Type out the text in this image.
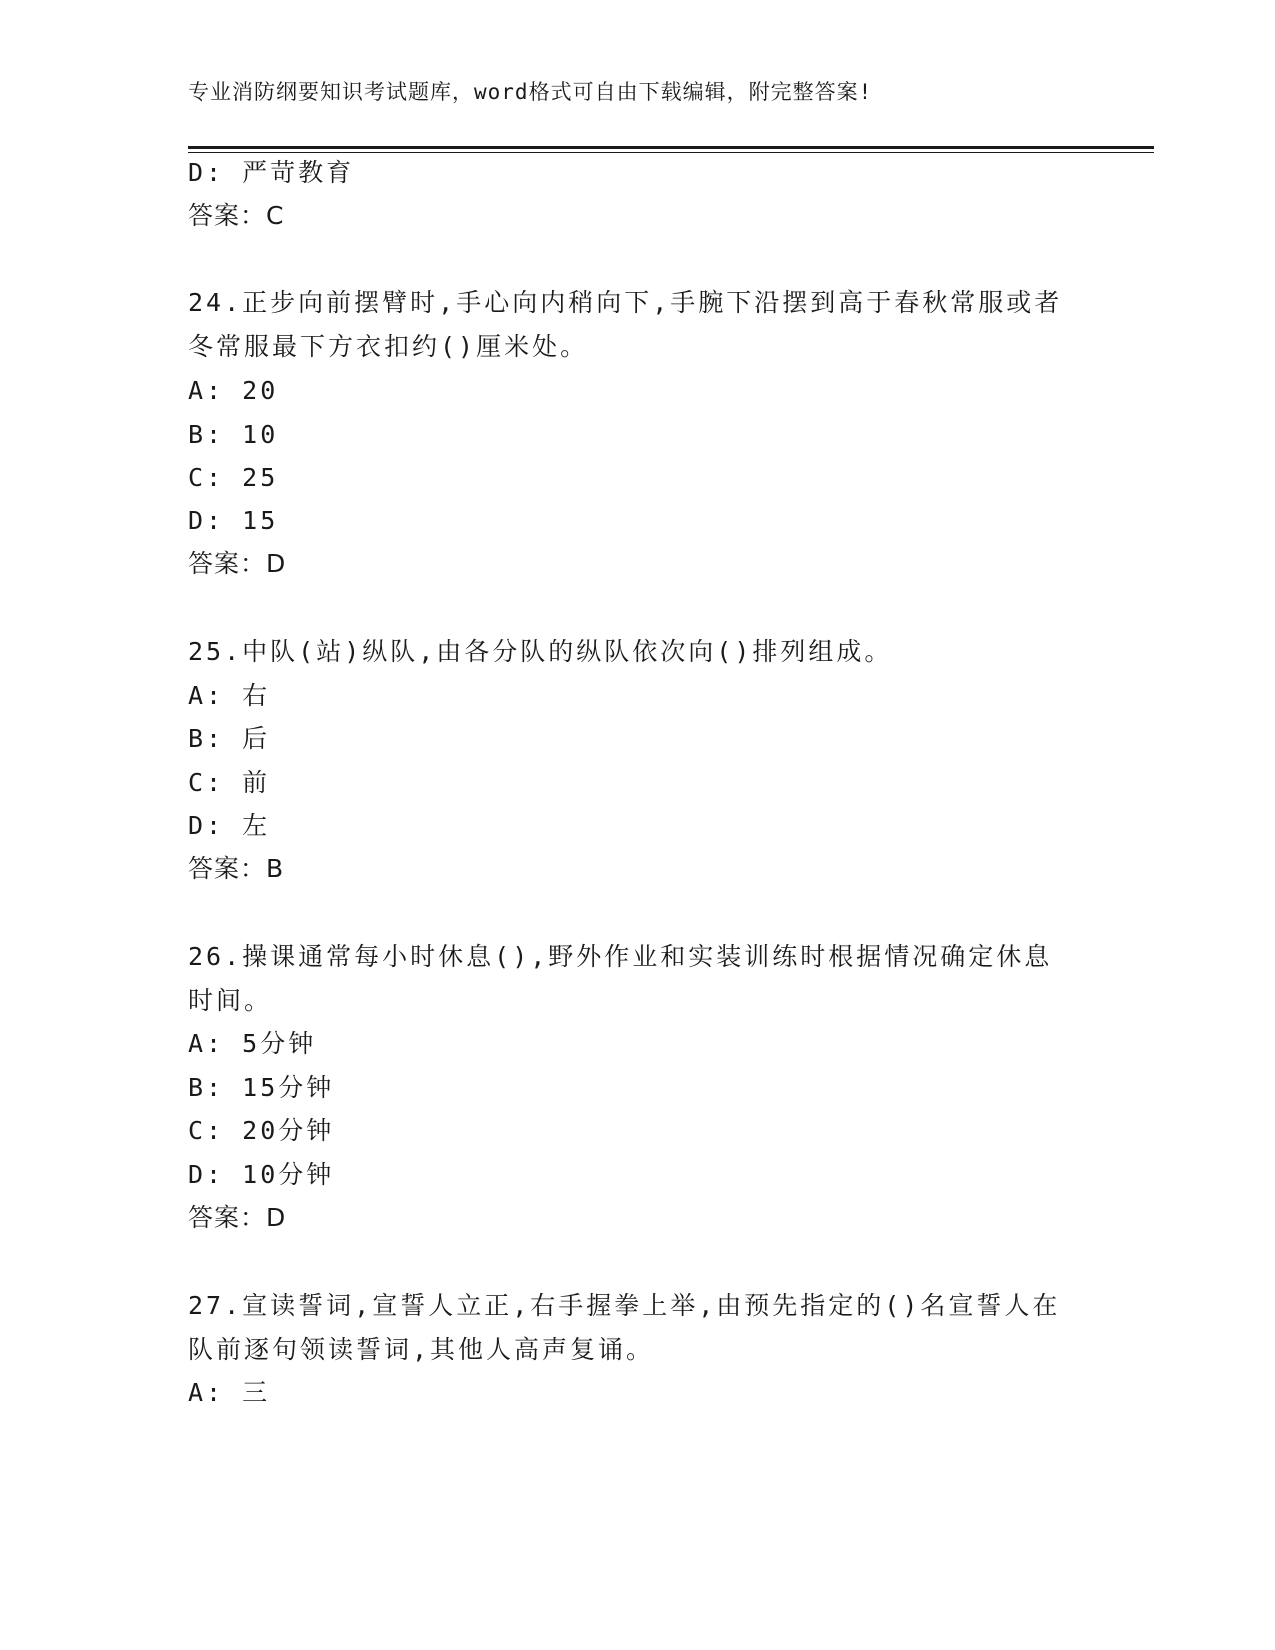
专业消防纲要知识考试题库，word格式可自由下载编辑，附完整答案!
D: 严苛教育
答案：C
24.正步向前摆臂时,手心向内稍向下,手腕下沿摆到高于春秋常服或者
冬常服最下方衣扣约()厘米处。
A: 20
B: 10
C: 25
D: 15
答案：D
25.中队(站)纵队,由各分队的纵队依次向()排列组成。
A: 右
B: 后
C: 前
D: 左
答案：B
26.操课通常每小时休息(),野外作业和实装训练时根据情况确定休息
时间。
A: 5分钟
B: 15分钟
C: 20分钟
D: 10分钟
答案：D
27.宣读誓词,宣誓人立正,右手握拳上举,由预先指定的()名宣誓人在
队前逐句领读誓词,其他人高声复诵。
A: 三
